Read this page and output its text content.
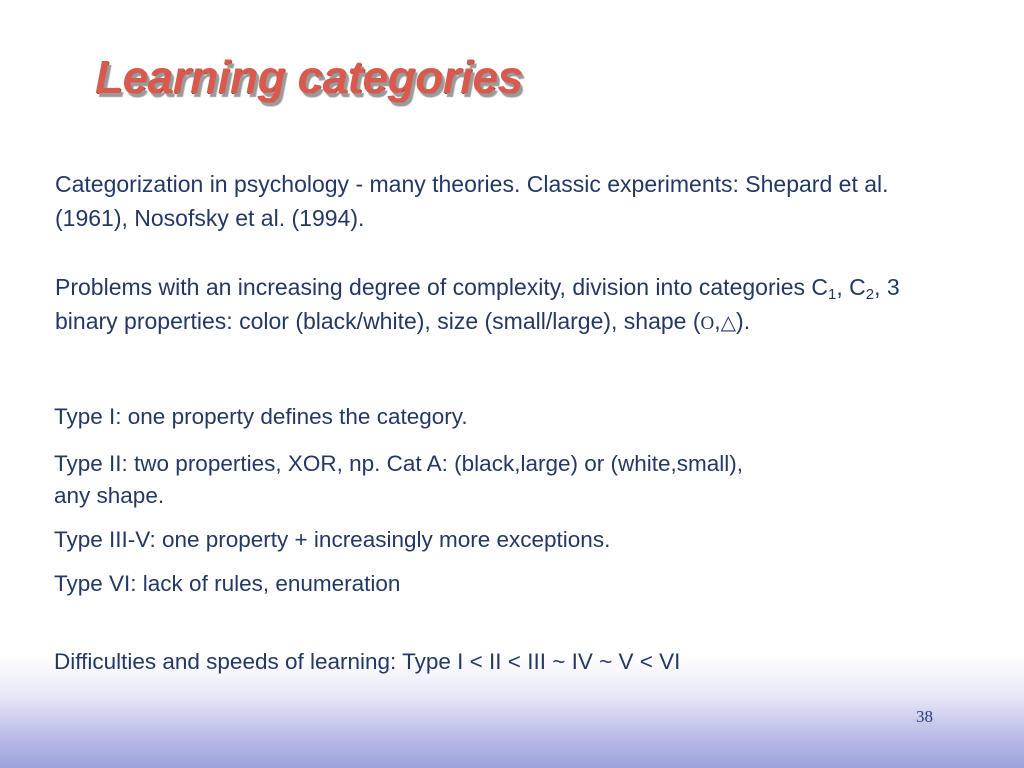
Learning categories

Categorization in psychology - many theories. Classic experiments: Shepard et al. (1961), Nosofsky et al. (1994).

Problems with an increasing degree of complexity, division into categories $C_1$, $C_2$, 3 binary properties: color (black/white), size (small/large), shape (O,△).

Type I: one property defines the category.

Type II: two properties, XOR, np. Cat A: (black,large) or (white,small),

any shape.

Type III-V: one property + increasingly more exceptions.

Type VI: lack of rules, enumeration

Difficulties and speeds of learning: Type I < II < III ~ IV ~ V < VI

38
